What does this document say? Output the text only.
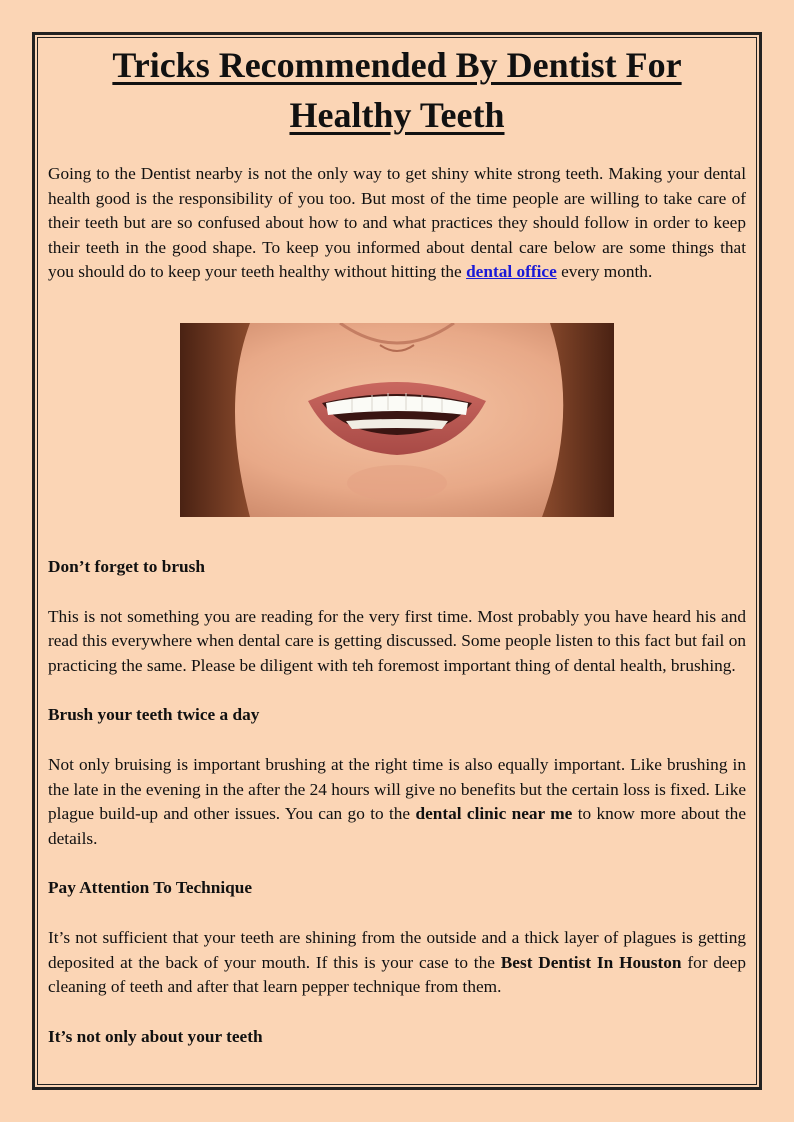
Tricks Recommended By Dentist For Healthy Teeth

Going to the Dentist nearby is not the only way to get shiny white strong teeth. Making your dental health good is the responsibility of you too. But most of the time people are willing to take care of their teeth but are so confused about how to and what practices they should follow in order to keep their teeth in the good shape. To keep you informed about dental care below are some things that you should do to keep your teeth healthy without hitting the dental office every month.

Don’t forget to brush

This is not something you are reading for the very first time. Most probably you have heard his and read this everywhere when dental care is getting discussed. Some people listen to this fact but fail on practicing the same. Please be diligent with teh foremost important thing of dental health, brushing.

Brush your teeth twice a day

Not only bruising is important brushing at the right time is also equally important. Like brushing in the late in the evening in the after the 24 hours will give no benefits but the certain loss is fixed. Like plague build-up and other issues. You can go to the dental clinic near me to know more about the details.

Pay Attention To Technique

It’s not sufficient that your teeth are shining from the outside and a thick layer of plagues is getting deposited at the back of your mouth. If this is your case to the Best Dentist In Houston for deep cleaning of teeth and after that learn pepper technique from them.

It’s not only about your teeth
